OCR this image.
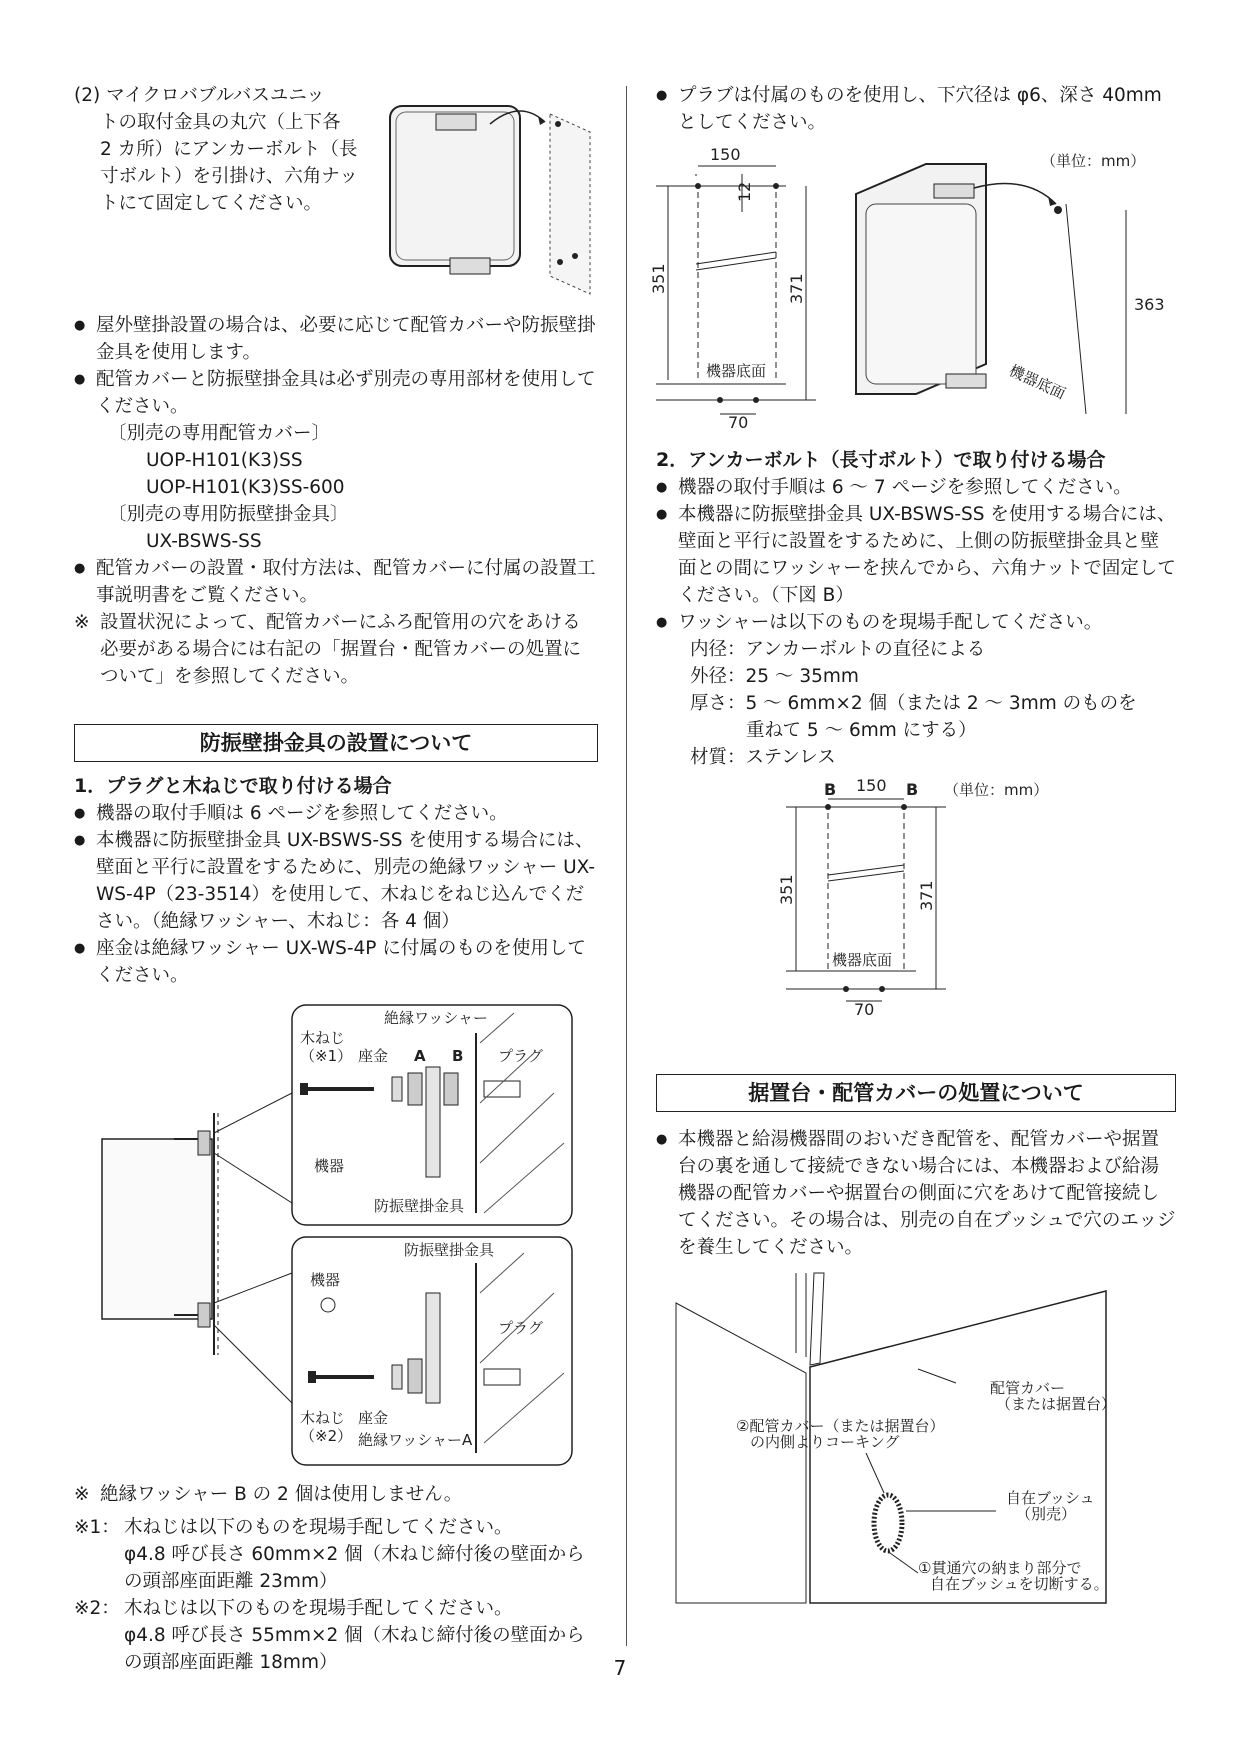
(2) マイクロバブルバスユニッ

トの取付金具の丸穴（上下各

2 カ所）にアンカーボルト（長

寸ボルト）を引掛け、六角ナッ

トにて固定してください。

● 屋外壁掛設置の場合は、必要に応じて配管カバーや防振壁掛金具を使用します。

● 配管カバーと防振壁掛金具は必ず別売の専用部材を使用してください。

〔別売の専用配管カバー〕

UOP-H101(K3)SS

UOP-H101(K3)SS-600

〔別売の専用防振壁掛金具〕

UX-BSWS-SS

● 配管カバーの設置・取付方法は、配管カバーに付属の設置工事説明書をご覧ください。

※ 設置状況によって、配管カバーにふろ配管用の穴をあける必要がある場合には右記の「据置台・配管カバーの処置について」を参照してください。

防振壁掛金具の設置について

1．プラグと木ねじで取り付ける場合

● 機器の取付手順は 6 ページを参照してください。

● 本機器に防振壁掛金具 UX-BSWS-SS を使用する場合には、壁面と平行に設置をするために、別売の絶縁ワッシャー UX-WS-4P（23-3514）を使用して、木ねじをねじ込んでください。（絶縁ワッシャー、木ねじ：各 4 個）

● 座金は絶縁ワッシャー UX-WS-4P に付属のものを使用してください。

絶縁ワッシャー
木ねじ
（※1） 座金 A B プラグ
機器
防振壁掛金具
防振壁掛金具
機器
プラグ
木ねじ
（※2）
座金
絶縁ワッシャーA

※ 絶縁ワッシャー B の 2 個は使用しません。

※1： 木ねじは以下のものを現場手配してください。

φ4.8 呼び長さ 60mm×2 個（木ねじ締付後の壁面からの頭部座面距離 23mm）

※2： 木ねじは以下のものを現場手配してください。

φ4.8 呼び長さ 55mm×2 個（木ねじ締付後の壁面からの頭部座面距離 18mm）

● プラブは付属のものを使用し、下穴径は φ6、深さ 40mm としてください。

（単位：mm）
150
12
351	371
機器底面
70
363
機器底面

2．アンカーボルト（長寸ボルト）で取り付ける場合

● 機器の取付手順は 6 ～ 7 ページを参照してください。

● 本機器に防振壁掛金具 UX-BSWS-SS を使用する場合には、壁面と平行に設置をするために、上側の防振壁掛金具と壁面との間にワッシャーを挟んでから、六角ナットで固定してください。（下図 B）

● ワッシャーは以下のものを現場手配してください。

内径：アンカーボルトの直径による

外径：25 ～ 35mm

厚さ：5 ～ 6mm×2 個（または 2 ～ 3mm のものを

重ねて 5 ～ 6mm にする）

材質：ステンレス

B	B （単位：mm）
150
351	371
機器底面
70
据置台・配管カバーの処置について

● 本機器と給湯機器間のおいだき配管を、配管カバーや据置台の裏を通して接続できない場合には、本機器および給湯機器の配管カバーや据置台の側面に穴をあけて配管接続してください。その場合は、別売の自在ブッシュで穴のエッジを養生してください。

配管カバー
（または据置台）
②配管カバー（または据置台）
の内側よりコーキング
自在ブッシュ
（別売）
①貫通穴の納まり部分で
自在ブッシュを切断する。
7
